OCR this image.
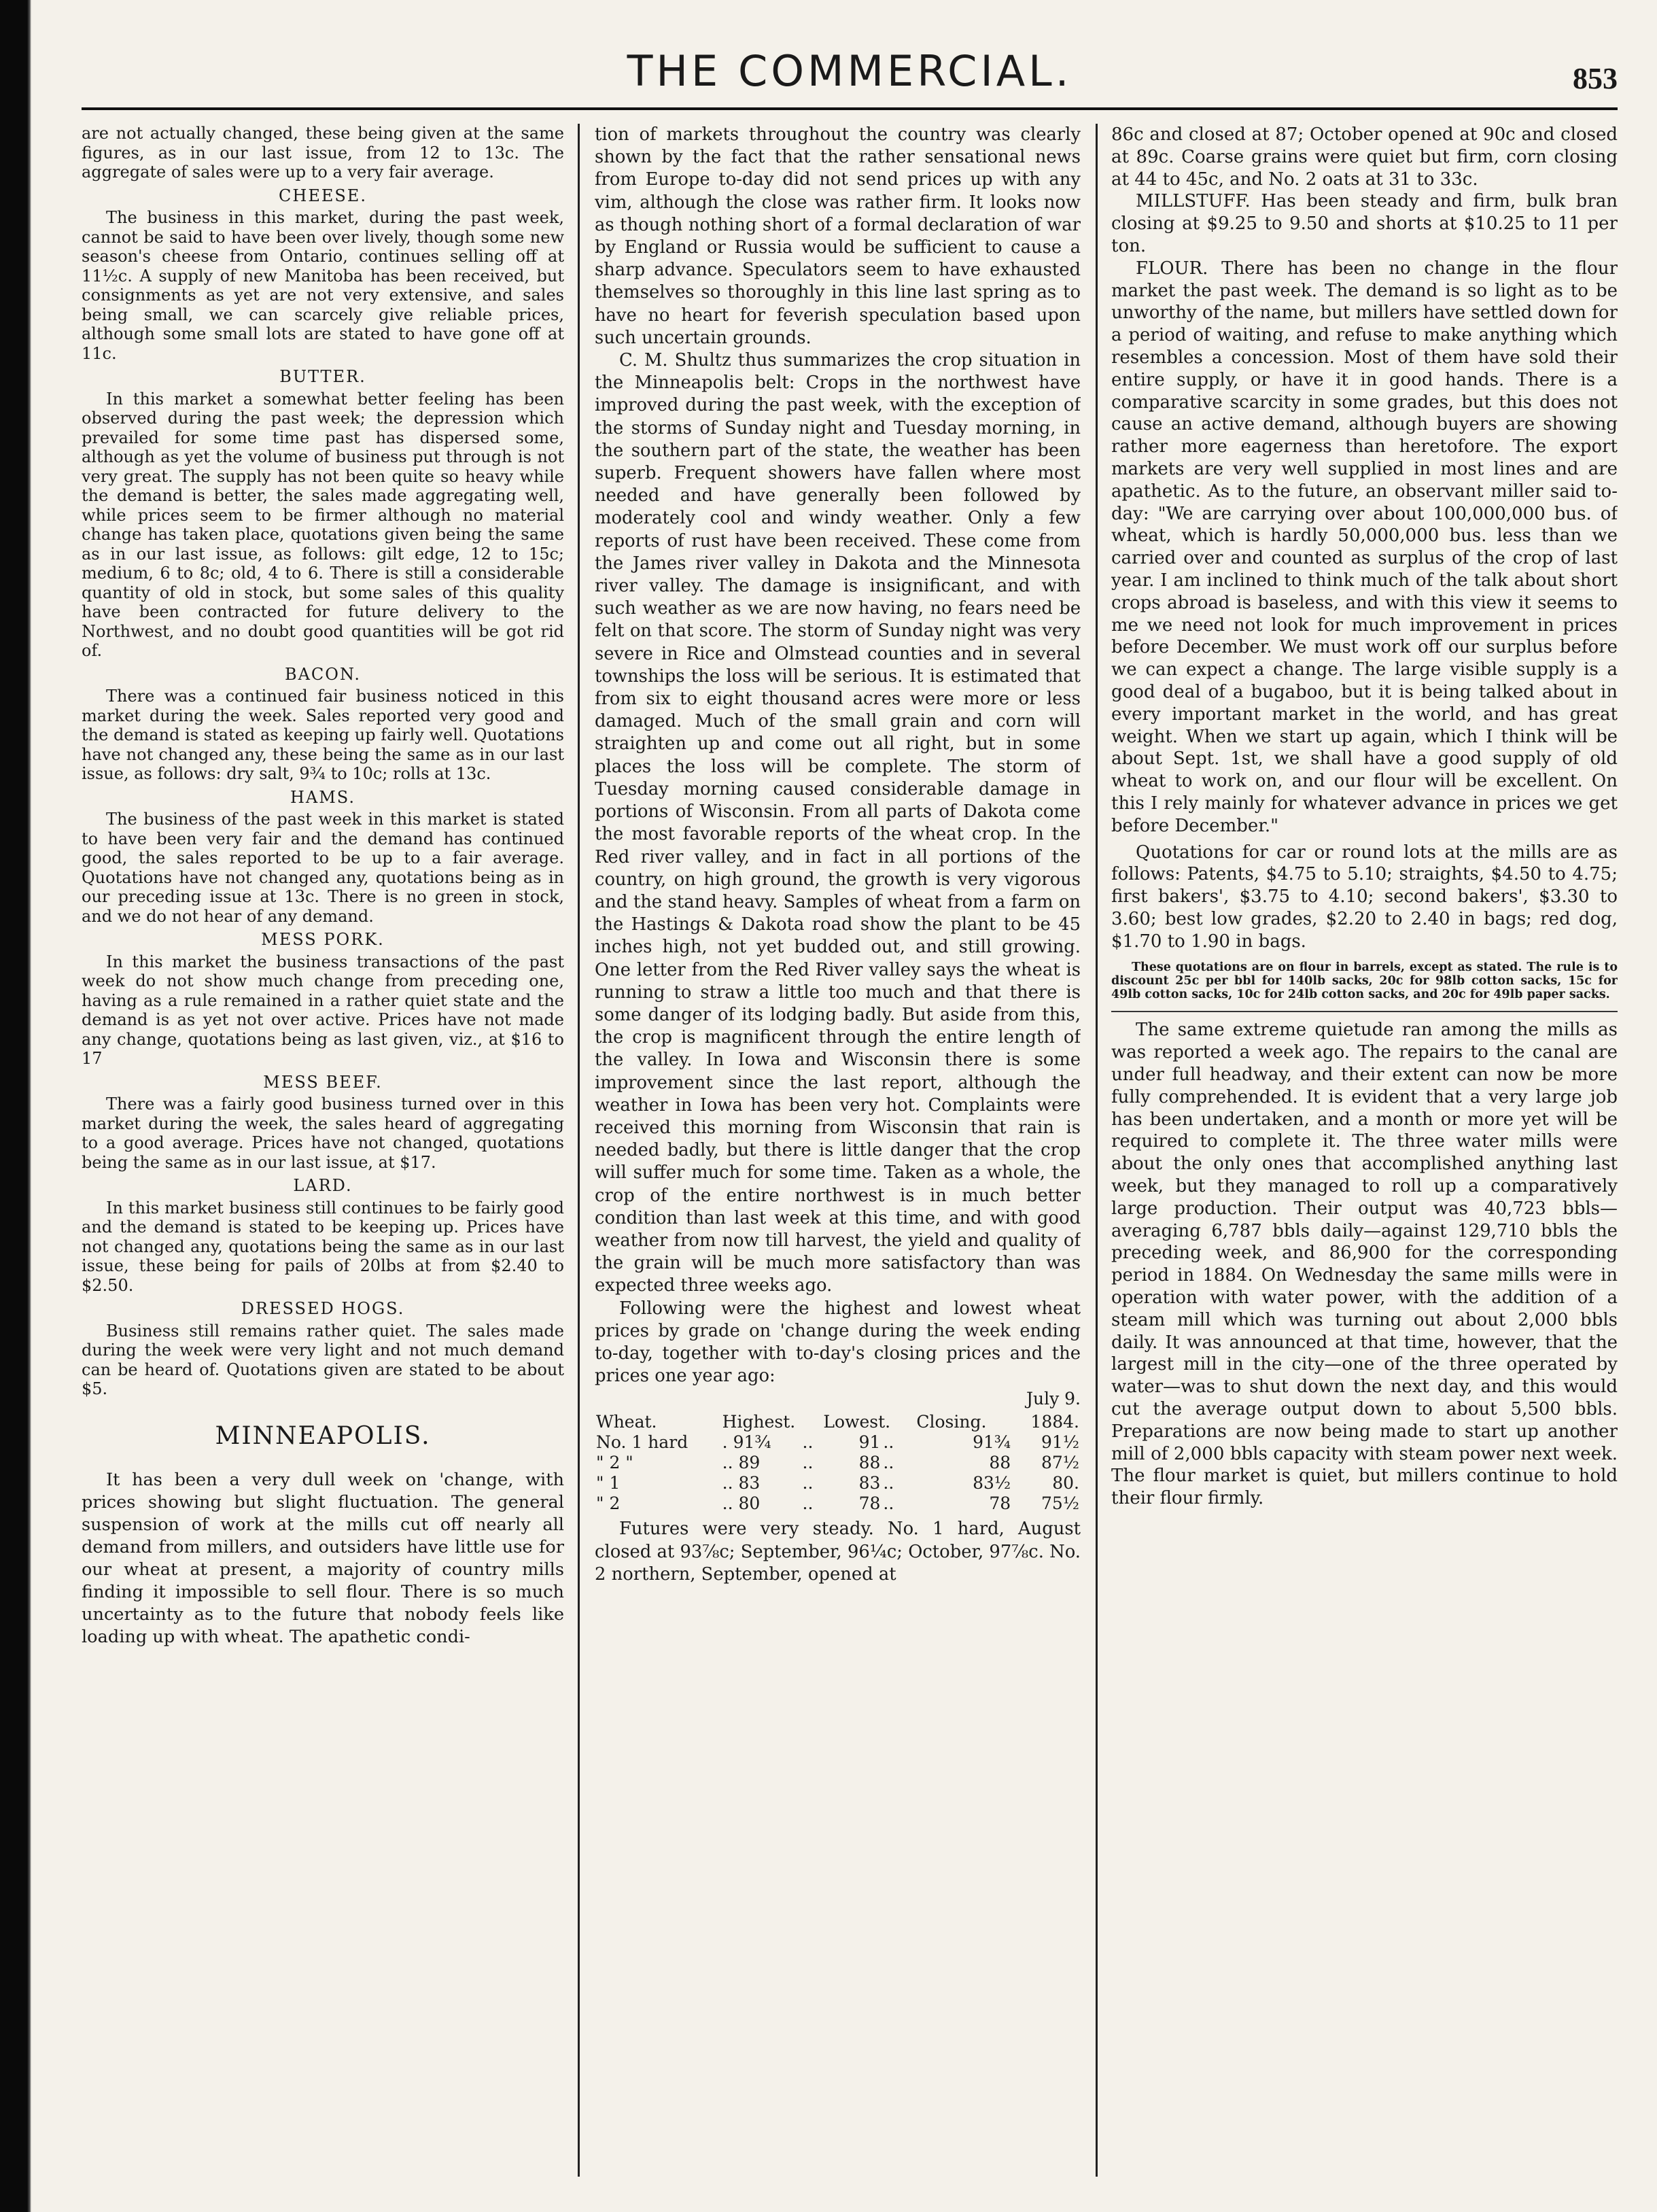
THE COMMERCIAL.	853

are not actually changed, these being given at the same figures, as in our last issue, from 12 to 13c. The aggregate of sales were up to a very fair average.

CHEESE.

The business in this market, during the past week, cannot be said to have been over lively, though some new season's cheese from Ontario, continues selling off at 11½c. A supply of new Manitoba has been received, but consignments as yet are not very extensive, and sales being small, we can scarcely give reliable prices, although some small lots are stated to have gone off at 11c.

BUTTER.

In this market a somewhat better feeling has been observed during the past week; the depression which prevailed for some time past has dispersed some, although as yet the volume of business put through is not very great. The supply has not been quite so heavy while the demand is better, the sales made aggregating well, while prices seem to be firmer although no material change has taken place, quotations given being the same as in our last issue, as follows: gilt edge, 12 to 15c; medium, 6 to 8c; old, 4 to 6. There is still a considerable quantity of old in stock, but some sales of this quality have been contracted for future delivery to the Northwest, and no doubt good quantities will be got rid of.

BACON.

There was a continued fair business noticed in this market during the week. Sales reported very good and the demand is stated as keeping up fairly well. Quotations have not changed any, these being the same as in our last issue, as follows: dry salt, 9¾ to 10c; rolls at 13c.

HAMS.

The business of the past week in this market is stated to have been very fair and the demand has continued good, the sales reported to be up to a fair average. Quotations have not changed any, quotations being as in our preceding issue at 13c. There is no green in stock, and we do not hear of any demand.

MESS PORK.

In this market the business transactions of the past week do not show much change from preceding one, having as a rule remained in a rather quiet state and the demand is as yet not over active. Prices have not made any change, quotations being as last given, viz., at $16 to 17

MESS BEEF.

There was a fairly good business turned over in this market during the week, the sales heard of aggregating to a good average. Prices have not changed, quotations being the same as in our last issue, at $17.

LARD.

In this market business still continues to be fairly good and the demand is stated to be keeping up. Prices have not changed any, quotations being the same as in our last issue, these being for pails of 20lbs at from $2.40 to $2.50.

DRESSED HOGS.

Business still remains rather quiet. The sales made during the week were very light and not much demand can be heard of. Quotations given are stated to be about $5.

MINNEAPOLIS.

It has been a very dull week on 'change, with prices showing but slight fluctuation. The general suspension of work at the mills cut off nearly all demand from millers, and outsiders have little use for our wheat at present, a majority of country mills finding it impossible to sell flour. There is so much uncertainty as to the future that nobody feels like loading up with wheat. The apathetic condi-

tion of markets throughout the country was clearly shown by the fact that the rather sensational news from Europe to-day did not send prices up with any vim, although the close was rather firm. It looks now as though nothing short of a formal declaration of war by England or Russia would be sufficient to cause a sharp advance. Speculators seem to have exhausted themselves so thoroughly in this line last spring as to have no heart for feverish speculation based upon such uncertain grounds.

C. M. Shultz thus summarizes the crop situation in the Minneapolis belt: Crops in the northwest have improved during the past week, with the exception of the storms of Sunday night and Tuesday morning, in the southern part of the state, the weather has been superb. Frequent showers have fallen where most needed and have generally been followed by moderately cool and windy weather. Only a few reports of rust have been received. These come from the James river valley in Dakota and the Minnesota river valley. The damage is insignificant, and with such weather as we are now having, no fears need be felt on that score. The storm of Sunday night was very severe in Rice and Olmstead counties and in several townships the loss will be serious. It is estimated that from six to eight thousand acres were more or less damaged. Much of the small grain and corn will straighten up and come out all right, but in some places the loss will be complete. The storm of Tuesday morning caused considerable damage in portions of Wisconsin. From all parts of Dakota come the most favorable reports of the wheat crop. In the Red river valley, and in fact in all portions of the country, on high ground, the growth is very vigorous and the stand heavy. Samples of wheat from a farm on the Hastings & Dakota road show the plant to be 45 inches high, not yet budded out, and still growing. One letter from the Red River valley says the wheat is running to straw a little too much and that there is some danger of its lodging badly. But aside from this, the crop is magnificent through the entire length of the valley. In Iowa and Wisconsin there is some improvement since the last report, although the weather in Iowa has been very hot. Complaints were received this morning from Wisconsin that rain is needed badly, but there is little danger that the crop will suffer much for some time. Taken as a whole, the crop of the entire northwest is in much better condition than last week at this time, and with good weather from now till harvest, the yield and quality of the grain will be much more satisfactory than was expected three weeks ago.

Following were the highest and lowest wheat prices by grade on 'change during the week ending to-day, together with to-day's closing prices and the prices one year ago:

July 9.
Wheat.	Highest.		Lowest.		Closing.	1884.
No. 1 hard	. 91¾	..	91	..	91¾	91½
" 2 "	.. 89	..	88	..	88	87½
" 1	.. 83	..	83	..	83½	80.
" 2	.. 80	..	78	..	78	75½

Futures were very steady. No. 1 hard, August closed at 93⅞c; September, 96¼c; October, 97⅞c. No. 2 northern, September, opened at

86c and closed at 87; October opened at 90c and closed at 89c. Coarse grains were quiet but firm, corn closing at 44 to 45c, and No. 2 oats at 31 to 33c.

MILLSTUFF. Has been steady and firm, bulk bran closing at $9.25 to 9.50 and shorts at $10.25 to 11 per ton.

FLOUR. There has been no change in the flour market the past week. The demand is so light as to be unworthy of the name, but millers have settled down for a period of waiting, and refuse to make anything which resembles a concession. Most of them have sold their entire supply, or have it in good hands. There is a comparative scarcity in some grades, but this does not cause an active demand, although buyers are showing rather more eagerness than heretofore. The export markets are very well supplied in most lines and are apathetic. As to the future, an observant miller said to-day: "We are carrying over about 100,000,000 bus. of wheat, which is hardly 50,000,000 bus. less than we carried over and counted as surplus of the crop of last year. I am inclined to think much of the talk about short crops abroad is baseless, and with this view it seems to me we need not look for much improvement in prices before December. We must work off our surplus before we can expect a change. The large visible supply is a good deal of a bugaboo, but it is being talked about in every important market in the world, and has great weight. When we start up again, which I think will be about Sept. 1st, we shall have a good supply of old wheat to work on, and our flour will be excellent. On this I rely mainly for whatever advance in prices we get before December."

Quotations for car or round lots at the mills are as follows: Patents, $4.75 to 5.10; straights, $4.50 to 4.75; first bakers', $3.75 to 4.10; second bakers', $3.30 to 3.60; best low grades, $2.20 to 2.40 in bags; red dog, $1.70 to 1.90 in bags.

These quotations are on flour in barrels, except as stated. The rule is to discount 25c per bbl for 140lb sacks, 20c for 98lb cotton sacks, 15c for 49lb cotton sacks, 10c for 24lb cotton sacks, and 20c for 49lb paper sacks.

The same extreme quietude ran among the mills as was reported a week ago. The repairs to the canal are under full headway, and their extent can now be more fully comprehended. It is evident that a very large job has been undertaken, and a month or more yet will be required to complete it. The three water mills were about the only ones that accomplished anything last week, but they managed to roll up a comparatively large production. Their output was 40,723 bbls—averaging 6,787 bbls daily—against 129,710 bbls the preceding week, and 86,900 for the corresponding period in 1884. On Wednesday the same mills were in operation with water power, with the addition of a steam mill which was turning out about 2,000 bbls daily. It was announced at that time, however, that the largest mill in the city—one of the three operated by water—was to shut down the next day, and this would cut the average output down to about 5,500 bbls. Preparations are now being made to start up another mill of 2,000 bbls capacity with steam power next week. The flour market is quiet, but millers continue to hold their flour firmly.
